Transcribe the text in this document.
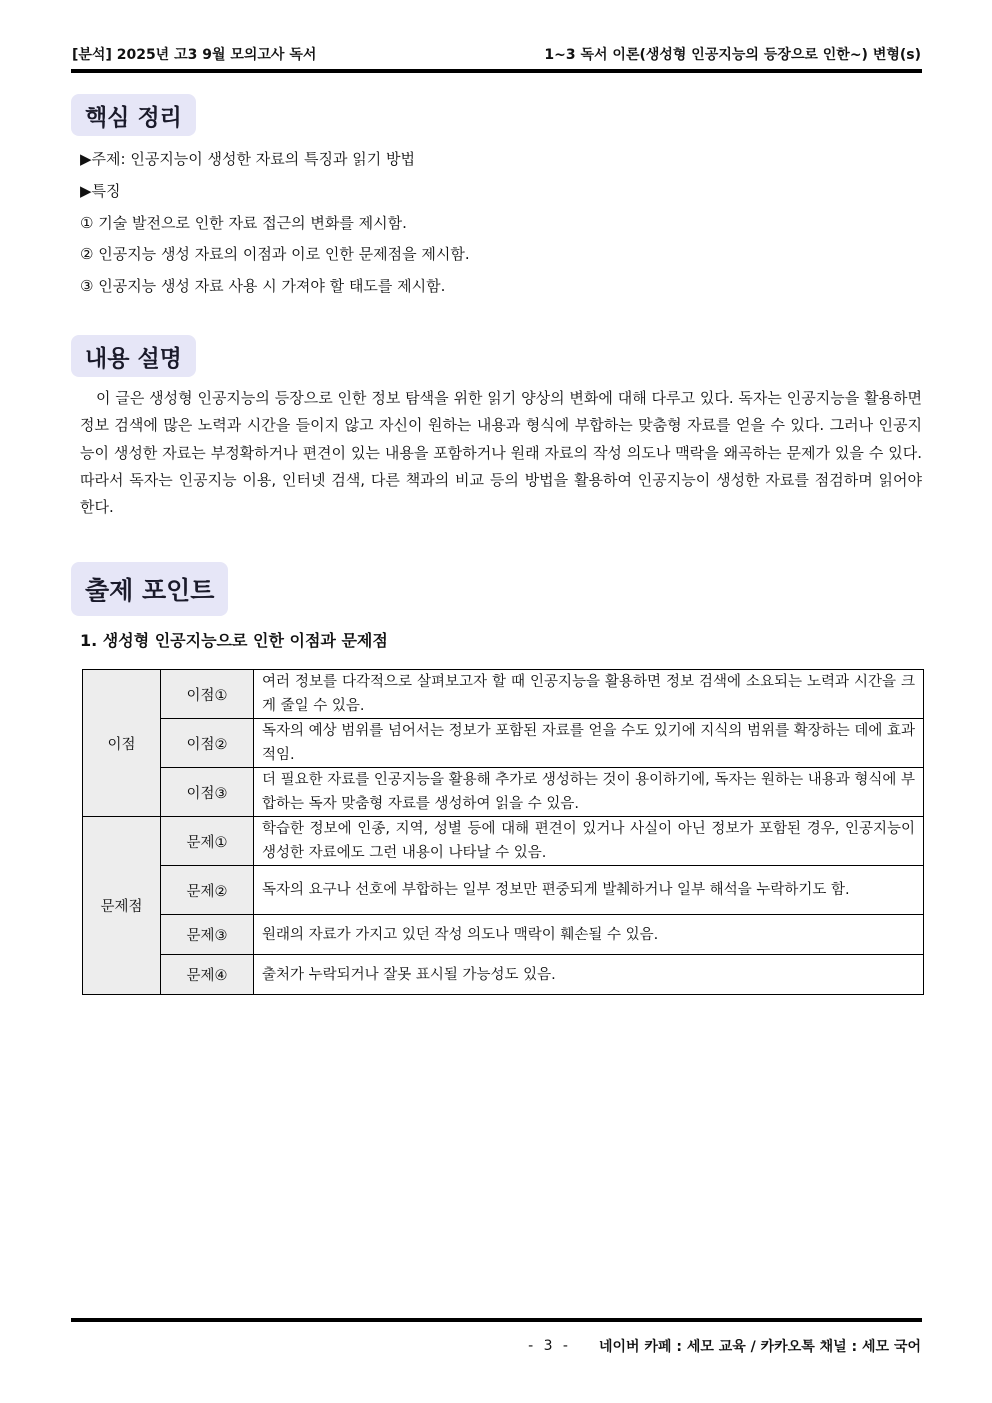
[분석] 2025년 고3 9월 모의고사 독서	1~3 독서 이론(생성형 인공지능의 등장으로 인한~) 변형(s)
핵심 정리
▶주제: 인공지능이 생성한 자료의 특징과 읽기 방법
▶특징
① 기술 발전으로 인한 자료 접근의 변화를 제시함.
② 인공지능 생성 자료의 이점과 이로 인한 문제점을 제시함.
③ 인공지능 생성 자료 사용 시 가져야 할 태도를 제시함.
내용 설명

이 글은 생성형 인공지능의 등장으로 인한 정보 탐색을 위한 읽기 양상의 변화에 대해 다루고 있다. 독자는 인공지능을 활용하면 정보 검색에 많은 노력과 시간을 들이지 않고 자신이 원하는 내용과 형식에 부합하는 맞춤형 자료를 얻을 수 있다. 그러나 인공지능이 생성한 자료는 부정확하거나 편견이 있는 내용을 포함하거나 원래 자료의 작성 의도나 맥락을 왜곡하는 문제가 있을 수 있다. 따라서 독자는 인공지능 이용, 인터넷 검색, 다른 책과의 비교 등의 방법을 활용하여 인공지능이 생성한 자료를 점검하며 읽어야 한다.

출제 포인트
1. 생성형 인공지능으로 인한 이점과 문제점
이점	이점①	여러 정보를 다각적으로 살펴보고자 할 때 인공지능을 활용하면 정보 검색에 소요되는 노력과 시간을 크게 줄일 수 있음.
	이점②	독자의 예상 범위를 넘어서는 정보가 포함된 자료를 얻을 수도 있기에 지식의 범위를 확장하는 데에 효과적임.
	이점③	더 필요한 자료를 인공지능을 활용해 추가로 생성하는 것이 용이하기에, 독자는 원하는 내용과 형식에 부합하는 독자 맞춤형 자료를 생성하여 읽을 수 있음.
문제점	문제①	학습한 정보에 인종, 지역, 성별 등에 대해 편견이 있거나 사실이 아닌 정보가 포함된 경우, 인공지능이 생성한 자료에도 그런 내용이 나타날 수 있음.
	문제②	독자의 요구나 선호에 부합하는 일부 정보만 편중되게 발췌하거나 일부 해석을 누락하기도 함.
	문제③	원래의 자료가 가지고 있던 작성 의도나 맥락이 훼손될 수 있음.
	문제④	출처가 누락되거나 잘못 표시될 가능성도 있음.
- 3 - 네이버 카페 : 세모 교육 / 카카오톡 채널 : 세모 국어
